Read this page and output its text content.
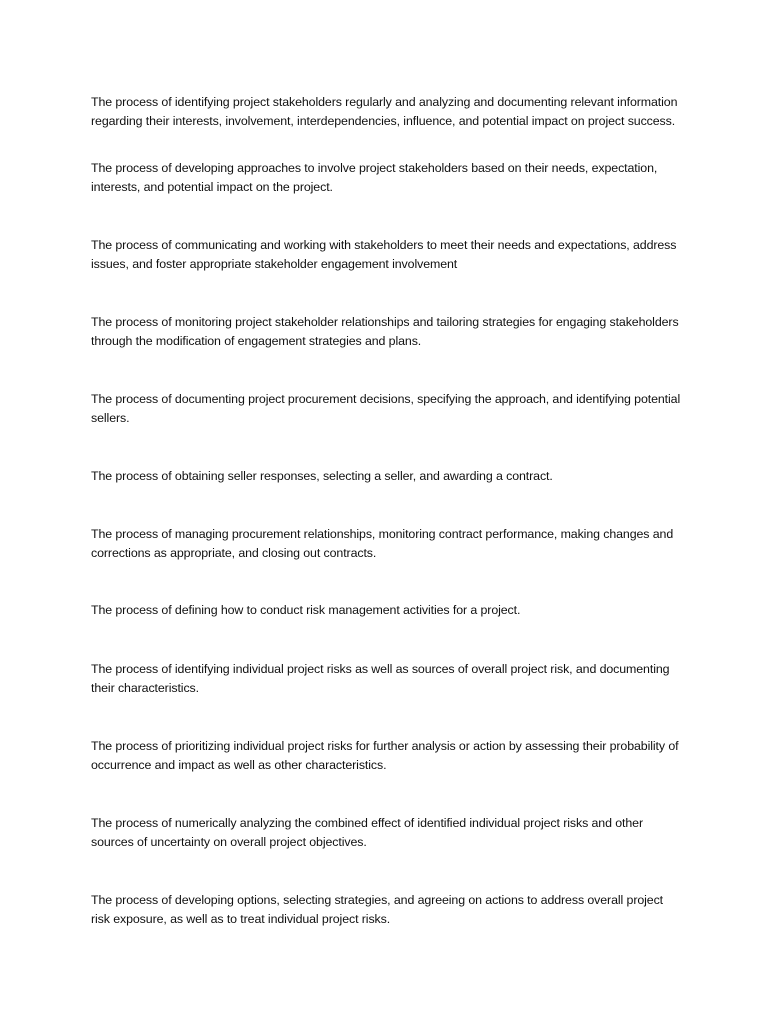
The process of identifying project stakeholders regularly and analyzing and documenting relevant information regarding their interests, involvement, interdependencies, influence, and potential impact on project success.

The process of developing approaches to involve project stakeholders based on their needs, expectation, interests, and potential impact on the project.

The process of communicating and working with stakeholders to meet their needs and expectations, address issues, and foster appropriate stakeholder engagement involvement

The process of monitoring project stakeholder relationships and tailoring strategies for engaging stakeholders through the modification of engagement strategies and plans.

The process of documenting project procurement decisions, specifying the approach, and identifying potential sellers.

The process of obtaining seller responses, selecting a seller, and awarding a contract.

The process of managing procurement relationships, monitoring contract performance, making changes and corrections as appropriate, and closing out contracts.

The process of defining how to conduct risk management activities for a project.

The process of identifying individual project risks as well as sources of overall project risk, and documenting their characteristics.

The process of prioritizing individual project risks for further analysis or action by assessing their probability of occurrence and impact as well as other characteristics.

The process of numerically analyzing the combined effect of identified individual project risks and other sources of uncertainty on overall project objectives.

The process of developing options, selecting strategies, and agreeing on actions to address overall project risk exposure, as well as to treat individual project risks.
